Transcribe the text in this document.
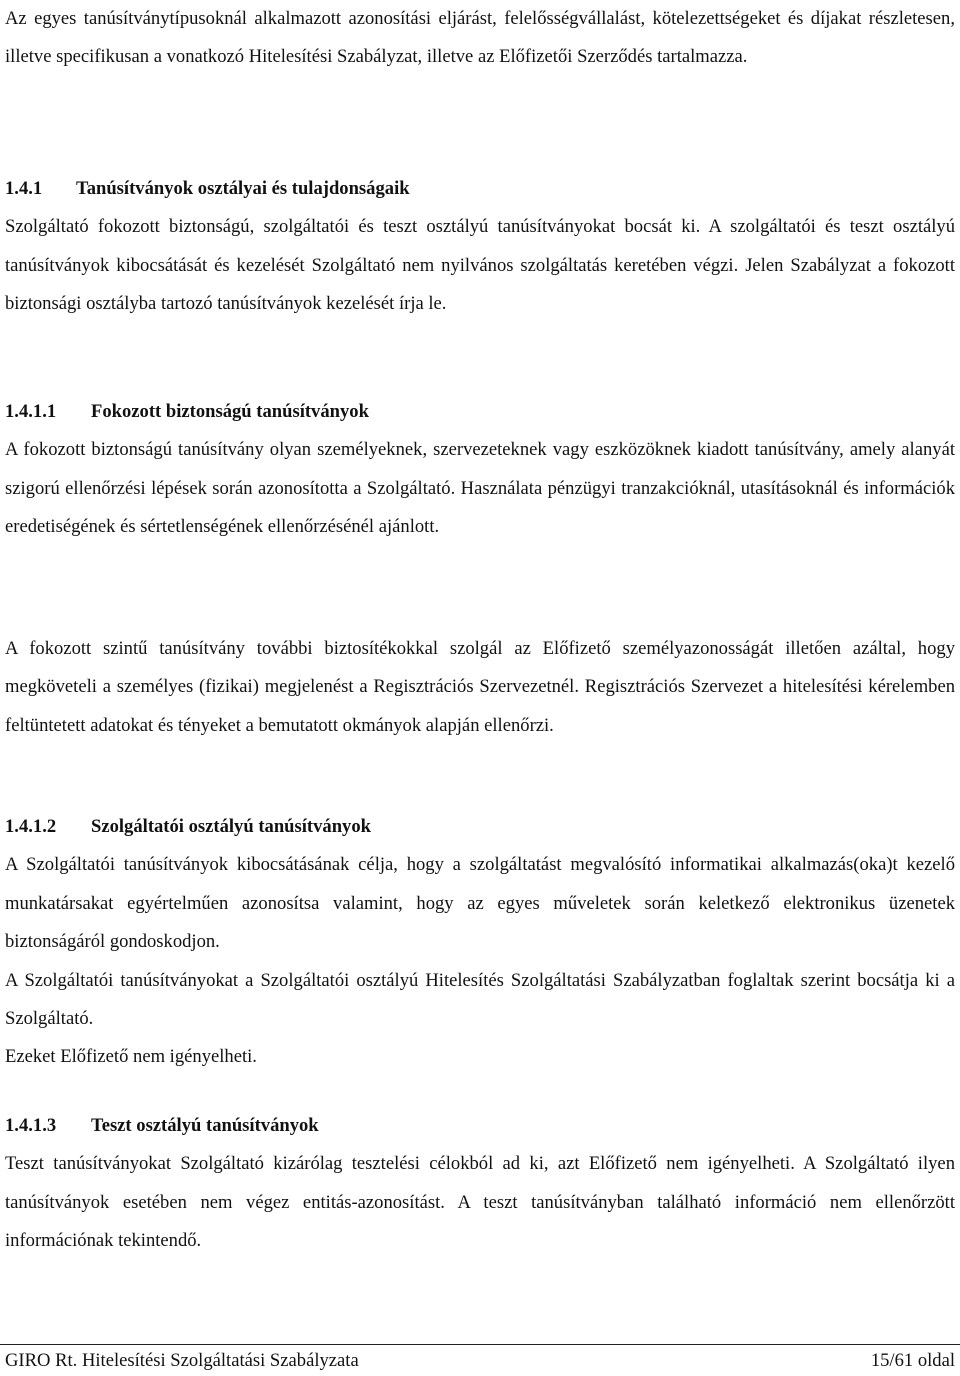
Az egyes tanúsítványtípusoknál alkalmazott azonosítási eljárást, felelősségvállalást, kötelezettségeket és díjakat részletesen, illetve specifikusan a vonatkozó Hitelesítési Szabályzat, illetve az Előfizetői Szerződés tartalmazza.

1.4.1	Tanúsítványok osztályai és tulajdonságaik

Szolgáltató fokozott biztonságú, szolgáltatói és teszt osztályú tanúsítványokat bocsát ki. A szolgáltatói és teszt osztályú tanúsítványok kibocsátását és kezelését Szolgáltató nem nyilvános szolgáltatás keretében végzi. Jelen Szabályzat a fokozott biztonsági osztályba tartozó tanúsítványok kezelését írja le.

1.4.1.1	Fokozott biztonságú tanúsítványok

A fokozott biztonságú tanúsítvány olyan személyeknek, szervezeteknek vagy eszközöknek kiadott tanúsítvány, amely alanyát szigorú ellenőrzési lépések során azonosította a Szolgáltató. Használata pénzügyi tranzakcióknál, utasításoknál és információk eredetiségének és sértetlenségének ellenőrzésénél ajánlott.

A fokozott szintű tanúsítvány további biztosítékokkal szolgál az Előfizető személyazonosságát illetően azáltal, hogy megköveteli a személyes (fizikai) megjelenést a Regisztrációs Szervezetnél. Regisztrációs Szervezet a hitelesítési kérelemben feltüntetett adatokat és tényeket a bemutatott okmányok alapján ellenőrzi.

1.4.1.2	Szolgáltatói osztályú tanúsítványok

A Szolgáltatói tanúsítványok kibocsátásának célja, hogy a szolgáltatást megvalósító informatikai alkalmazás(oka)t kezelő munkatársakat egyértelműen azonosítsa valamint, hogy az egyes műveletek során keletkező elektronikus üzenetek biztonságáról gondoskodjon.

A Szolgáltatói tanúsítványokat a Szolgáltatói osztályú Hitelesítés Szolgáltatási Szabályzatban foglaltak szerint bocsátja ki a Szolgáltató.

Ezeket Előfizető nem igényelheti.

1.4.1.3	Teszt osztályú tanúsítványok

Teszt tanúsítványokat Szolgáltató kizárólag tesztelési célokból ad ki, azt Előfizető nem igényelheti. A Szolgáltató ilyen tanúsítványok esetében nem végez entitás-azonosítást. A teszt tanúsítványban található információ nem ellenőrzött információnak tekintendő.

GIRO Rt. Hitelesítési Szolgáltatási Szabályzata	15/61 oldal
